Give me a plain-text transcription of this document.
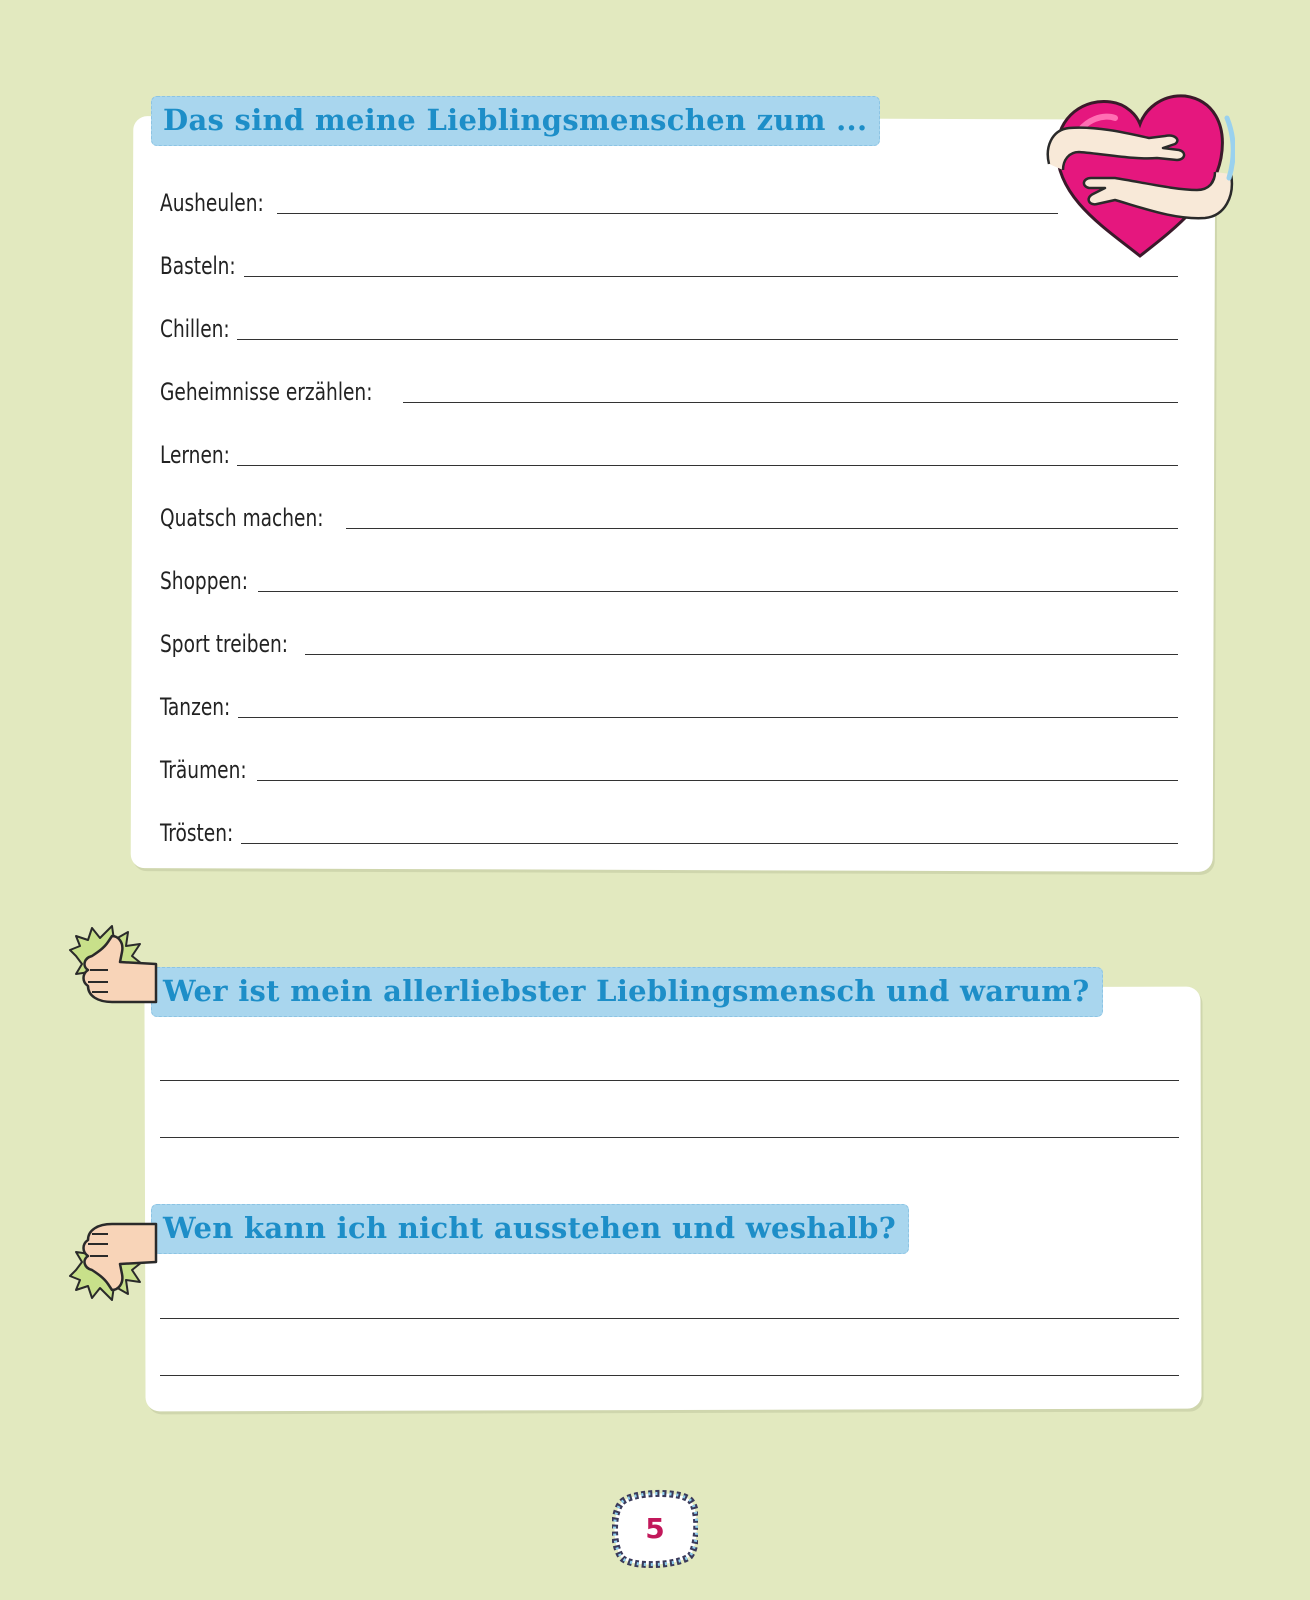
Das sind meine Lieblingsmenschen zum ...
Ausheulen:
Basteln:
Chillen:
Geheimnisse erzählen:
Lernen:
Quatsch machen:
Shoppen:
Sport treiben:
Tanzen:
Träumen:
Trösten:
Wer ist mein allerliebster Lieblingsmensch und warum?
Wen kann ich nicht ausstehen und weshalb?
5
